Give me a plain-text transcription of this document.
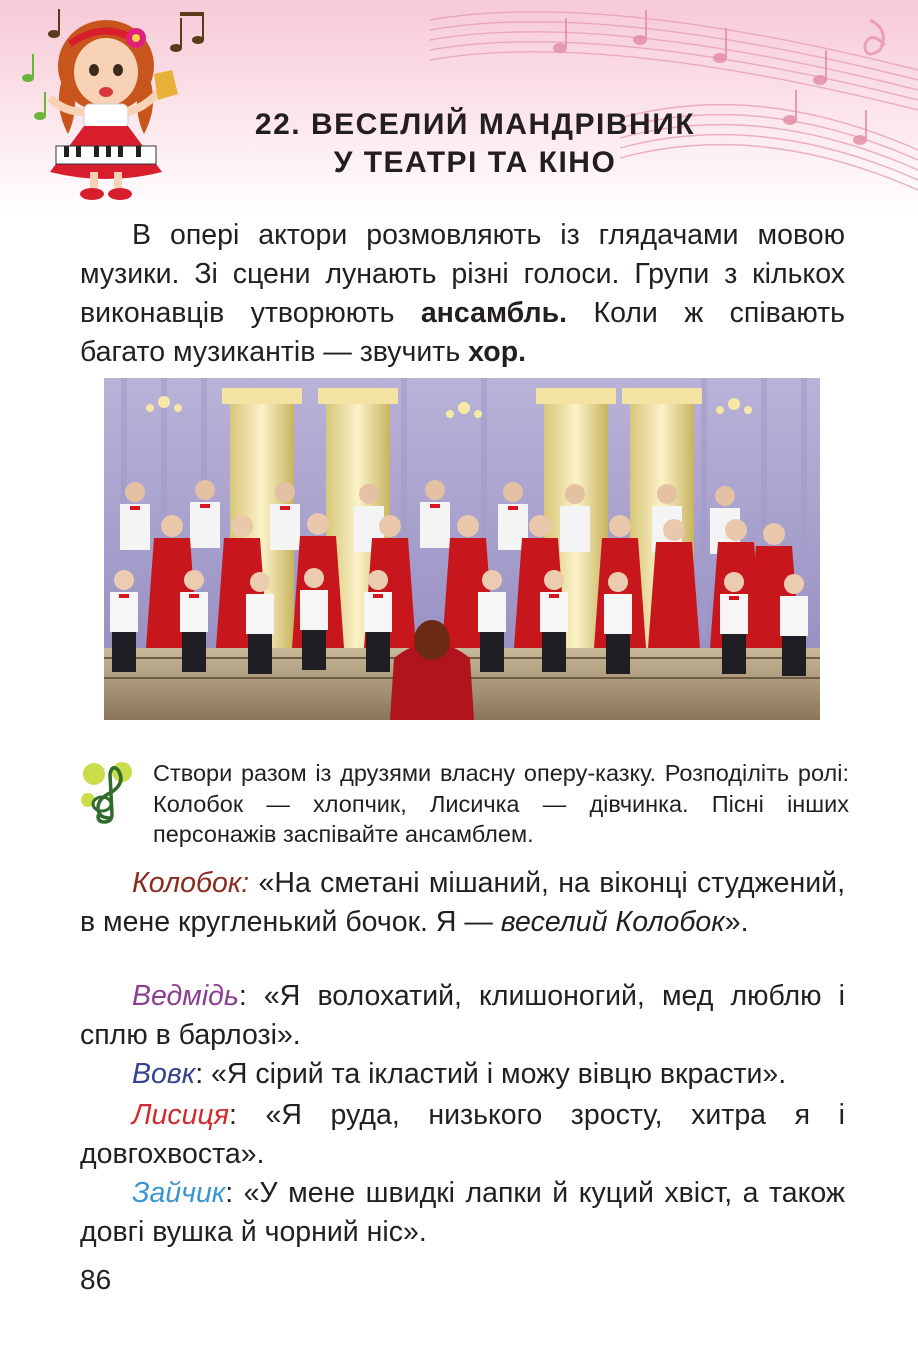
22. ВЕСЕЛИЙ МАНДРІВНИК
У ТЕАТРІ ТА КІНО
В опері актори розмовляють із глядачами мовою музики. Зі сцени лунають різні голоси. Групи з кількох виконавців утворюють ансамбль. Коли ж співають багато музикантів — звучить хор.
Створи разом із друзями власну оперу-казку. Розподіліть ролі: Колобок — хлопчик, Лисичка — дівчинка. Пісні інших персонажів заспівайте ансамблем.
Колобок: «На сметані мішаний, на віконці студжений, в мене кругленький бочок. Я — веселий Колобок».
Ведмідь: «Я волохатий, клишоногий, мед люблю і сплю в барлозі».
Вовк: «Я сірий та ікластий і можу вівцю вкрасти».
Лисиця: «Я руда, низького зросту, хитра я і довгохвоста».
Зайчик: «У мене швидкі лапки й куций хвіст, а також довгі вушка й чорний ніс».
86
